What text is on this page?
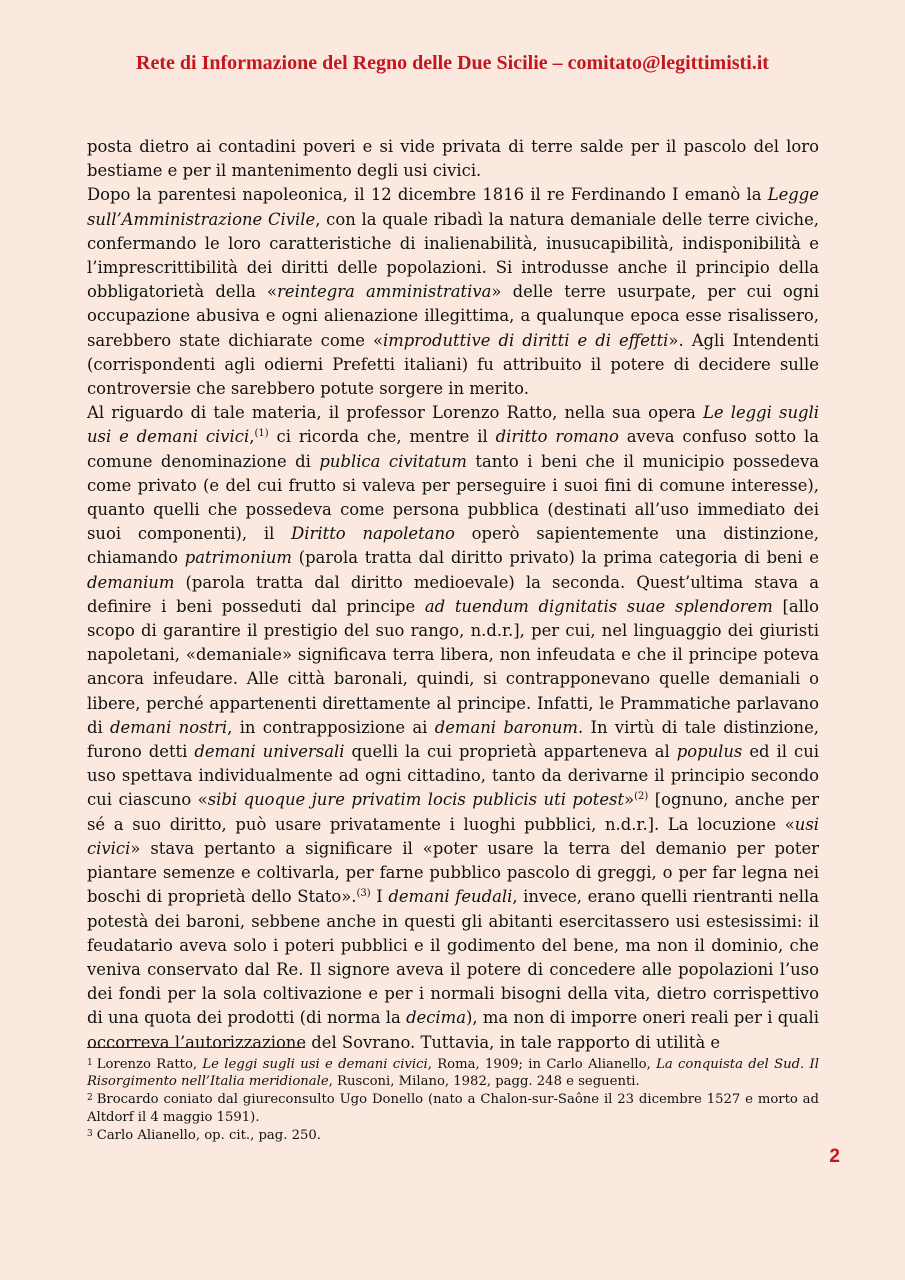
Rete di Informazione del Regno delle Due Sicilie – comitato@legittimisti.it

posta dietro ai contadini poveri e si vide privata di terre salde per il pascolo del loro bestiame e per il mantenimento degli usi civici.

Dopo la parentesi napoleonica, il 12 dicembre 1816 il re Ferdinando I emanò la Legge sull’Amministrazione Civile, con la quale ribadì la natura demaniale delle terre civiche, confermando le loro caratteristiche di inalienabilità, inusucapibilità, indisponibilità e l’imprescrittibilità dei diritti delle popolazioni. Si introdusse anche il principio della obbligatorietà della «reintegra amministrativa» delle terre usurpate, per cui ogni occupazione abusiva e ogni alienazione illegittima, a qualunque epoca esse risalissero, sarebbero state dichiarate come «improduttive di diritti e di effetti». Agli Intendenti (corrispondenti agli odierni Prefetti italiani) fu attribuito il potere di decidere sulle controversie che sarebbero potute sorgere in merito.

Al riguardo di tale materia, il professor Lorenzo Ratto, nella sua opera Le leggi sugli usi e demani civici,$^{(1)}$ ci ricorda che, mentre il diritto romano aveva confuso sotto la comune denominazione di publica civitatum tanto i beni che il municipio possedeva come privato (e del cui frutto si valeva per perseguire i suoi fini di comune interesse), quanto quelli che possedeva come persona pubblica (destinati all’uso immediato dei suoi componenti), il Diritto napoletano operò sapientemente una distinzione, chiamando patrimonium (parola tratta dal diritto privato) la prima categoria di beni e demanium (parola tratta dal diritto medioevale) la seconda. Quest’ultima stava a definire i beni posseduti dal principe ad tuendum dignitatis suae splendorem [allo scopo di garantire il prestigio del suo rango, n.d.r.], per cui, nel linguaggio dei giuristi napoletani, «demaniale» significava terra libera, non infeudata e che il principe poteva ancora infeudare. Alle città baronali, quindi, si contrapponevano quelle demaniali o libere, perché appartenenti direttamente al principe. Infatti, le Prammatiche parlavano di demani nostri, in contrapposizione ai demani baronum. In virtù di tale distinzione, furono detti demani universali quelli la cui proprietà apparteneva al populus ed il cui uso spettava individualmente ad ogni cittadino, tanto da derivarne il principio secondo cui ciascuno «sibi quoque jure privatim locis publicis uti potest»$^{(2)}$ [ognuno, anche per sé a suo diritto, può usare privatamente i luoghi pubblici, n.d.r.]. La locuzione «usi civici» stava pertanto a significare il «poter usare la terra del demanio per poter piantare semenze e coltivarla, per farne pubblico pascolo di greggi, o per far legna nei boschi di proprietà dello Stato».$^{(3)}$ I demani feudali, invece, erano quelli rientranti nella potestà dei baroni, sebbene anche in questi gli abitanti esercitassero usi estesissimi: il feudatario aveva solo i poteri pubblici e il godimento del bene, ma non il dominio, che veniva conservato dal Re. Il signore aveva il potere di concedere alle popolazioni l’uso dei fondi per la sola coltivazione e per i normali bisogni della vita, dietro corrispettivo di una quota dei prodotti (di norma la decima), ma non di imporre oneri reali per i quali occorreva l’autorizzazione del Sovrano. Tuttavia, in tale rapporto di utilità e

$^1$ Lorenzo Ratto, Le leggi sugli usi e demani civici, Roma, 1909; in Carlo Alianello, La conquista del Sud. Il Risorgimento nell’Italia meridionale, Rusconi, Milano, 1982, pagg. 248 e seguenti.

$^2$ Brocardo coniato dal giureconsulto Ugo Donello (nato a Chalon-sur-Saône il 23 dicembre 1527 e morto ad Altdorf il 4 maggio 1591).

$^3$ Carlo Alianello, op. cit., pag. 250.

2
